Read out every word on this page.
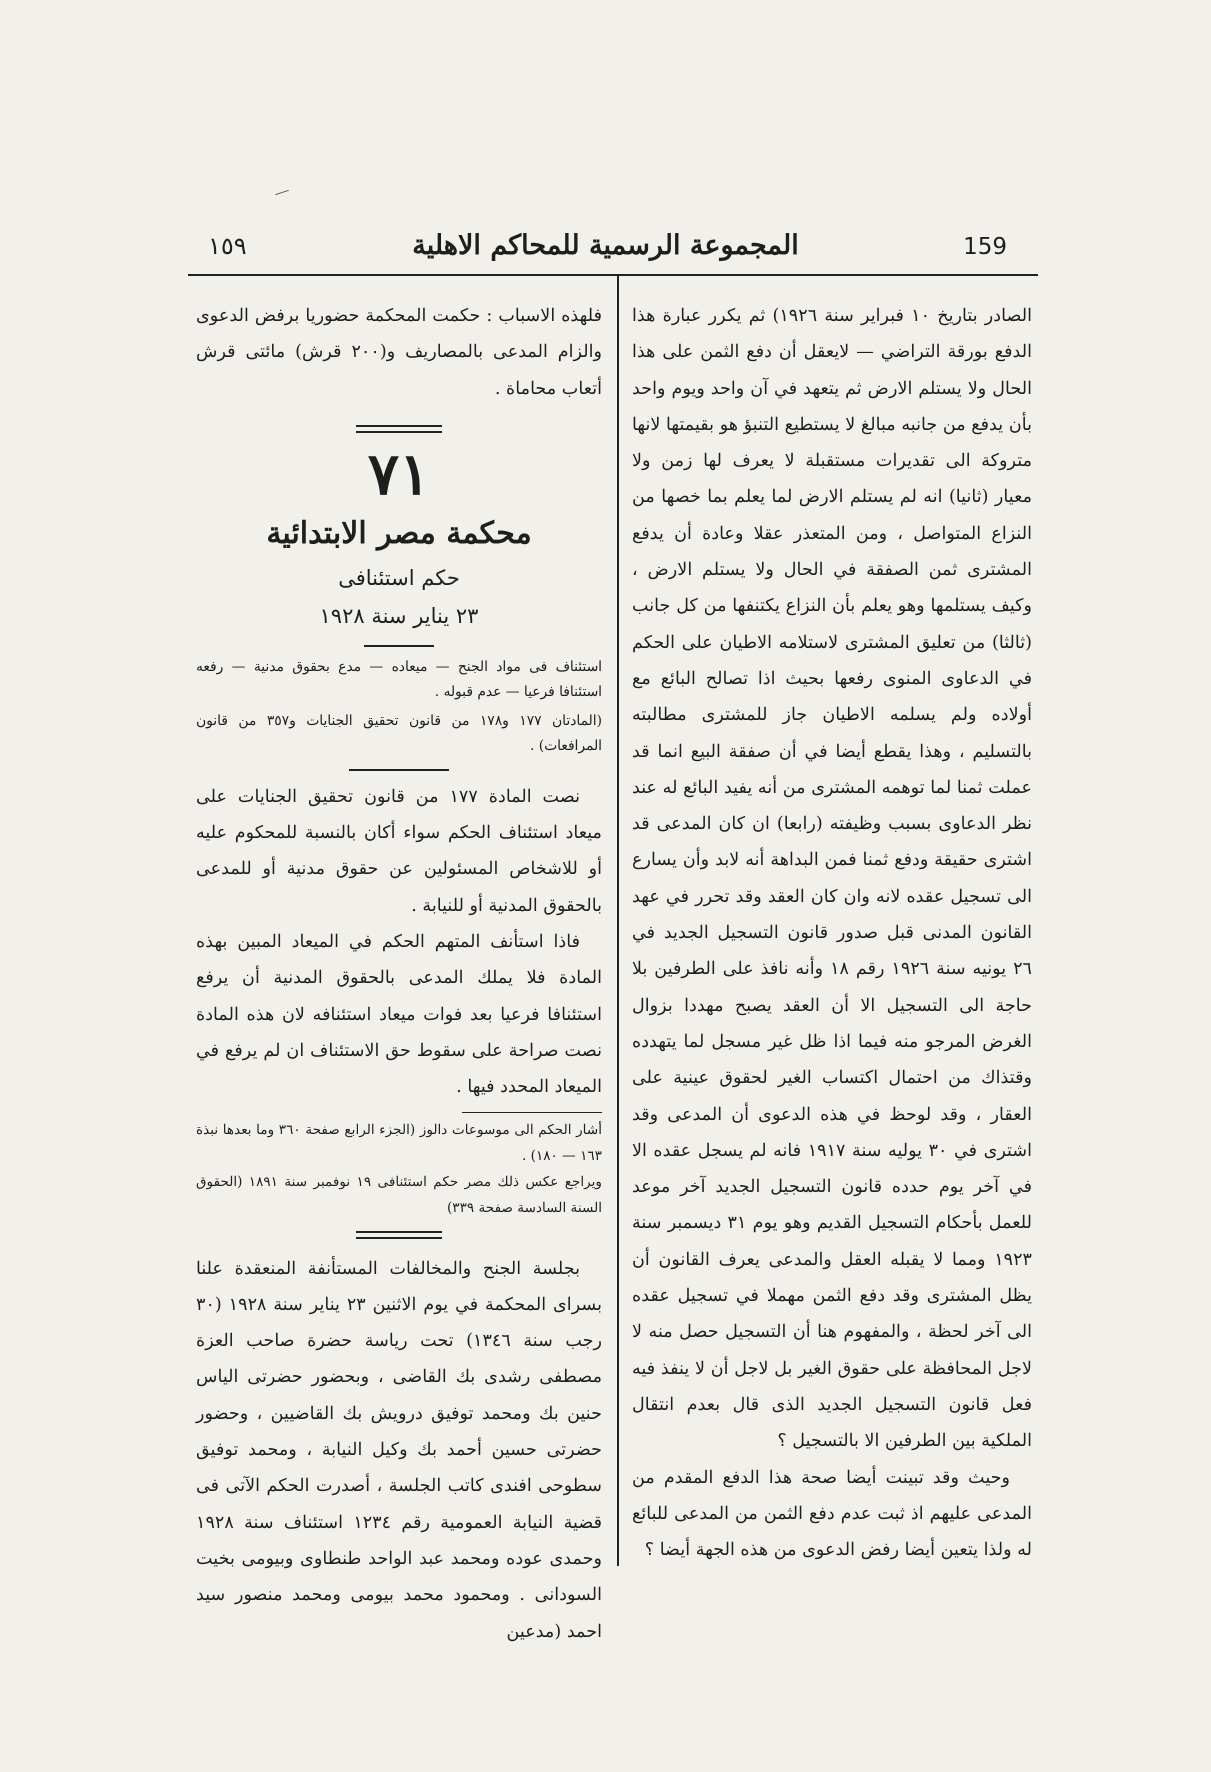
١٥٩	المجموعة الرسمية للمحاكم الاهلية	159

الصادر بتاريخ ١٠ فبراير سنة ١٩٢٦) ثم يكرر عبارة هذا الدفع بورقة التراضي — لايعقل أن دفع الثمن على هذا الحال ولا يستلم الارض ثم يتعهد في آن واحد ويوم واحد بأن يدفع من جانبه مبالغ لا يستطيع التنبؤ هو بقيمتها لانها متروكة الى تقديرات مستقبلة لا يعرف لها زمن ولا معيار (ثانيا) انه لم يستلم الارض لما يعلم بما خصها من النزاع المتواصل ، ومن المتعذر عقلا وعادة أن يدفع المشترى ثمن الصفقة في الحال ولا يستلم الارض ، وكيف يستلمها وهو يعلم بأن النزاع يكتنفها من كل جانب (ثالثا) من تعليق المشترى لاستلامه الاطيان على الحكم في الدعاوى المنوى رفعها بحيث اذا تصالح البائع مع أولاده ولم يسلمه الاطيان جاز للمشترى مطالبته بالتسليم ، وهذا يقطع أيضا في أن صفقة البيع انما قد عملت ثمنا لما توهمه المشترى من أنه يفيد البائع له عند نظر الدعاوى بسبب وظيفته (رابعا) ان كان المدعى قد اشترى حقيقة ودفع ثمنا فمن البداهة أنه لابد وأن يسارع الى تسجيل عقده لانه وان كان العقد وقد تحرر في عهد القانون المدنى قبل صدور قانون التسجيل الجديد في ٢٦ يونيه سنة ١٩٢٦ رقم ١٨ وأنه نافذ على الطرفين بلا حاجة الى التسجيل الا أن العقد يصبح مهددا بزوال الغرض المرجو منه فيما اذا ظل غير مسجل لما يتهدده وقتذاك من احتمال اكتساب الغير لحقوق عينية على العقار ، وقد لوحظ في هذه الدعوى أن المدعى وقد اشترى في ٣٠ يوليه سنة ١٩١٧ فانه لم يسجل عقده الا في آخر يوم حدده قانون التسجيل الجديد آخر موعد للعمل بأحكام التسجيل القديم وهو يوم ٣١ ديسمبر سنة ١٩٢٣ ومما لا يقبله العقل والمدعى يعرف القانون أن يظل المشترى وقد دفع الثمن مهملا في تسجيل عقده الى آخر لحظة ، والمفهوم هنا أن التسجيل حصل منه لا لاجل المحافظة على حقوق الغير بل لاجل أن لا ينفذ فيه فعل قانون التسجيل الجديد الذى قال بعدم انتقال الملكية بين الطرفين الا بالتسجيل ؟

وحيث وقد تبينت أيضا صحة هذا الدفع المقدم من المدعى عليهم اذ ثبت عدم دفع الثمن من المدعى للبائع له ولذا يتعين أيضا رفض الدعوى من هذه الجهة أيضا ؟

فلهذه الاسباب : حكمت المحكمة حضوريا برفض الدعوى والزام المدعى بالمصاريف و(٢٠٠ قرش) مائتى قرش أتعاب محاماة .

٧١
محكمة مصر الابتدائية
حكم استئنافى
٢٣ يناير سنة ١٩٢٨

استئناف فى مواد الجنح — ميعاده — مدع بحقوق مدنية — رفعه استئنافا فرعيا — عدم قبوله .

(المادتان ١٧٧ و١٧٨ من قانون تحقيق الجنايات و٣٥٧ من قانون المرافعات) .

نصت المادة ١٧٧ من قانون تحقيق الجنايات على ميعاد استئناف الحكم سواء أكان بالنسبة للمحكوم عليه أو للاشخاص المسئولين عن حقوق مدنية أو للمدعى بالحقوق المدنية أو للنيابة .

فاذا استأنف المتهم الحكم في الميعاد المبين بهذه المادة فلا يملك المدعى بالحقوق المدنية أن يرفع استئنافا فرعيا بعد فوات ميعاد استئنافه لان هذه المادة نصت صراحة على سقوط حق الاستئناف ان لم يرفع في الميعاد المحدد فيها .

أشار الحكم الى موسوعات دالوز (الجزء الرابع صفحة ٣٦٠ وما بعدها نبذة ١٦٣ — ١٨٠) .

ويراجع عكس ذلك مصر حكم استئنافى ١٩ نوفمبر سنة ١٨٩١ (الحقوق السنة السادسة صفحة ٣٣٩)

بجلسة الجنح والمخالفات المستأنفة المنعقدة علنا بسراى المحكمة في يوم الاثنين ٢٣ يناير سنة ١٩٢٨ (٣٠ رجب سنة ١٣٤٦) تحت رياسة حضرة صاحب العزة مصطفى رشدى بك القاضى ، وبحضور حضرتى الياس حنين بك ومحمد توفيق درويش بك القاضيين ، وحضور حضرتى حسين أحمد بك وكيل النيابة ، ومحمد توفيق سطوحى افندى كاتب الجلسة ، أصدرت الحكم الآتى فى قضية النيابة العمومية رقم ١٢٣٤ استئناف سنة ١٩٢٨ وحمدى عوده ومحمد عبد الواحد طنطاوى وبيومى بخيت السودانى . ومحمود محمد بيومى ومحمد منصور سيد احمد (مدعين
